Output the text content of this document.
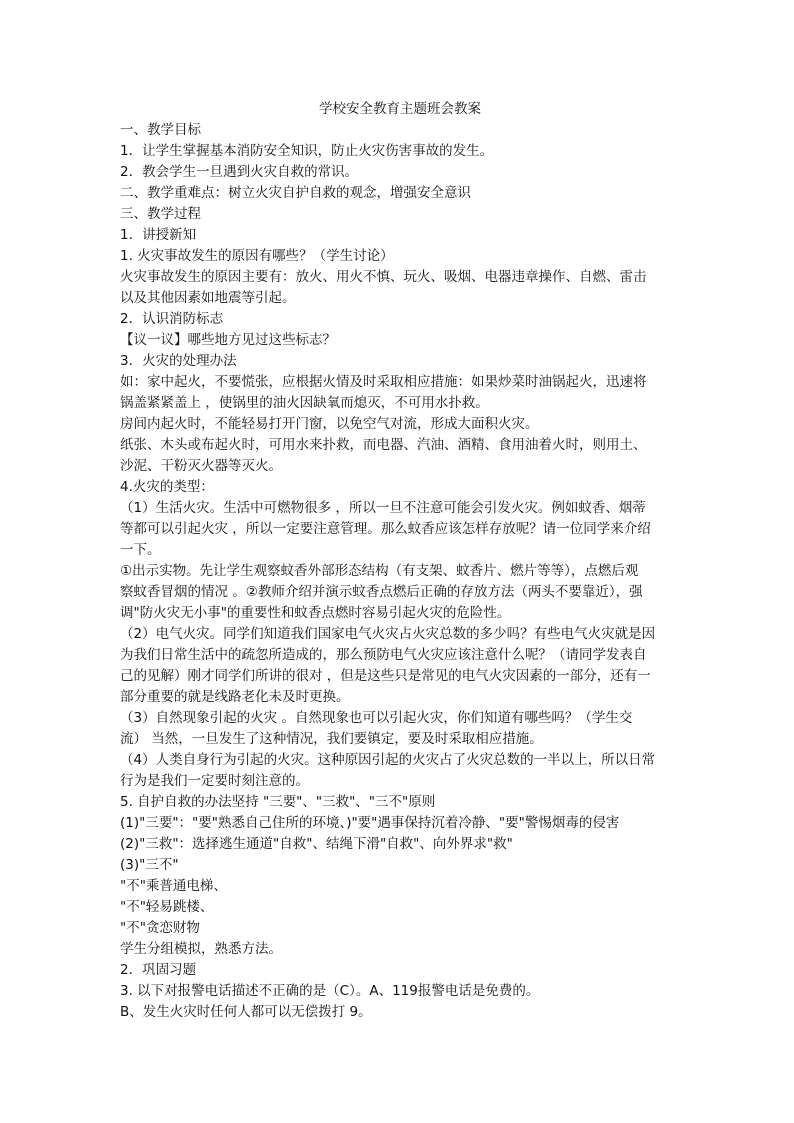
学校安全教育主题班会教案

一、教学目标

1．让学生掌握基本消防安全知识，防止火灾伤害事故的发生。

2．教会学生一旦遇到火灾自救的常识。

二、教学重难点：树立火灾自护自救的观念，增强安全意识

三、教学过程

1．讲授新知

1. 火灾事故发生的原因有哪些？（学生讨论）

火灾事故发生的原因主要有：放火、用火不慎、玩火、吸烟、电器违章操作、自燃、雷击

以及其他因素如地震等引起。

2．认识消防标志

【议一议】哪些地方见过这些标志？

3．火灾的处理办法

如：家中起火，不要慌张，应根据火情及时采取相应措施：如果炒菜时油锅起火，迅速将

锅盖紧紧盖上 ，使锅里的油火因缺氧而熄灭，不可用水扑救。

房间内起火时，不能轻易打开门窗，以免空气对流，形成大面积火灾。

纸张、木头或布起火时，可用水来扑救，而电器、汽油、酒精、食用油着火时，则用土、

沙泥、干粉灭火器等灭火。

4.火灾的类型：

（1）生活火灾。生活中可燃物很多 ，所以一旦不注意可能会引发火灾。例如蚊香、烟蒂

等都可以引起火灾 ，所以一定要注意管理。那么蚊香应该怎样存放呢？请一位同学来介绍

一下。

①出示实物。先让学生观察蚊香外部形态结构（有支架、蚊香片、燃片等等），点燃后观

察蚊香冒烟的情况 。②教师介绍并演示蚊香点燃后正确的存放方法（两头不要靠近），强

调"防火灾无小事"的重要性和蚊香点燃时容易引起火灾的危险性。

（2）电气火灾。同学们知道我们国家电气火灾占火灾总数的多少吗？有些电气火灾就是因

为我们日常生活中的疏忽所造成的，那么预防电气火灾应该注意什么呢？（请同学发表自

己的见解）刚才同学们所讲的很对 ，但是这些只是常见的电气火灾因素的一部分，还有一

部分重要的就是线路老化未及时更换。

（3）自然现象引起的火灾 。自然现象也可以引起火灾，你们知道有哪些吗？（学生交

流） 当然，一旦发生了这种情况，我们要镇定，要及时采取相应措施。

（4）人类自身行为引起的火灾。这种原因引起的火灾占了火灾总数的一半以上，所以日常

行为是我们一定要时刻注意的。

5. 自护自救的办法坚持 "三要"、"三救"、"三不"原则

(1)"三要"："要"熟悉自己住所的环境、)"要"遇事保持沉着冷静、"要"警惕烟毒的侵害

(2)"三救"：选择逃生通道"自救"、结绳下滑"自救"、向外界求"救"

(3)"三不"

"不"乘普通电梯、

"不"轻易跳楼、

"不"贪恋财物

学生分组模拟，熟悉方法。

2．巩固习题

3. 以下对报警电话描述不正确的是（C）。A、119报警电话是免费的。

B、发生火灾时任何人都可以无偿拨打 9。
